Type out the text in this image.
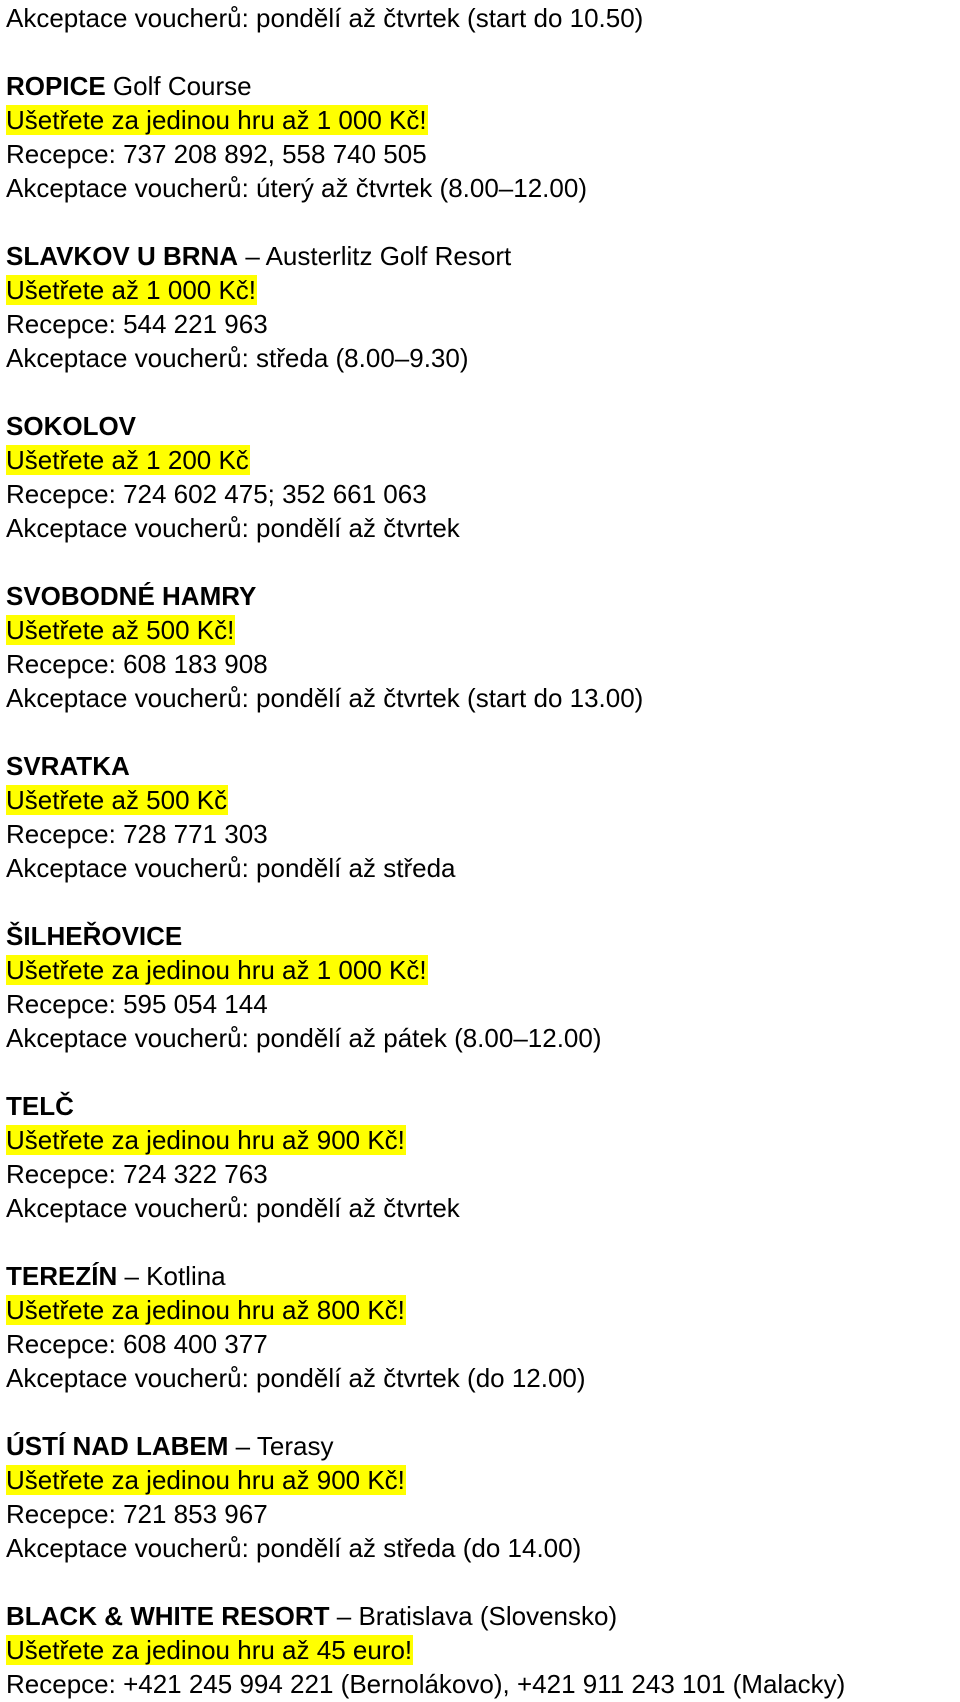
Akceptace voucherů: pondělí až čtvrtek (start do 10.50)

ROPICE Golf Course

Ušetřete za jedinou hru až 1 000 Kč!

Recepce: 737 208 892, 558 740 505

Akceptace voucherů: úterý až čtvrtek (8.00–12.00)

SLAVKOV U BRNA – Austerlitz Golf Resort

Ušetřete až 1 000 Kč!

Recepce: 544 221 963

Akceptace voucherů: středa (8.00–9.30)

SOKOLOV

Ušetřete až 1 200 Kč

Recepce: 724 602 475; 352 661 063

Akceptace voucherů: pondělí až čtvrtek

SVOBODNÉ HAMRY

Ušetřete až 500 Kč!

Recepce: 608 183 908

Akceptace voucherů: pondělí až čtvrtek (start do 13.00)

SVRATKA

Ušetřete až 500 Kč

Recepce: 728 771 303

Akceptace voucherů: pondělí až středa

ŠILHEŘOVICE

Ušetřete za jedinou hru až 1 000 Kč!

Recepce: 595 054 144

Akceptace voucherů: pondělí až pátek (8.00–12.00)

TELČ

Ušetřete za jedinou hru až 900 Kč!

Recepce: 724 322 763

Akceptace voucherů: pondělí až čtvrtek

TEREZÍN – Kotlina

Ušetřete za jedinou hru až 800 Kč!

Recepce: 608 400 377

Akceptace voucherů: pondělí až čtvrtek (do 12.00)

ÚSTÍ NAD LABEM – Terasy

Ušetřete za jedinou hru až 900 Kč!

Recepce: 721 853 967

Akceptace voucherů: pondělí až středa (do 14.00)

BLACK & WHITE RESORT – Bratislava (Slovensko)

Ušetřete za jedinou hru až 45 euro!

Recepce: +421 245 994 221 (Bernolákovo), +421 911 243 101 (Malacky)
